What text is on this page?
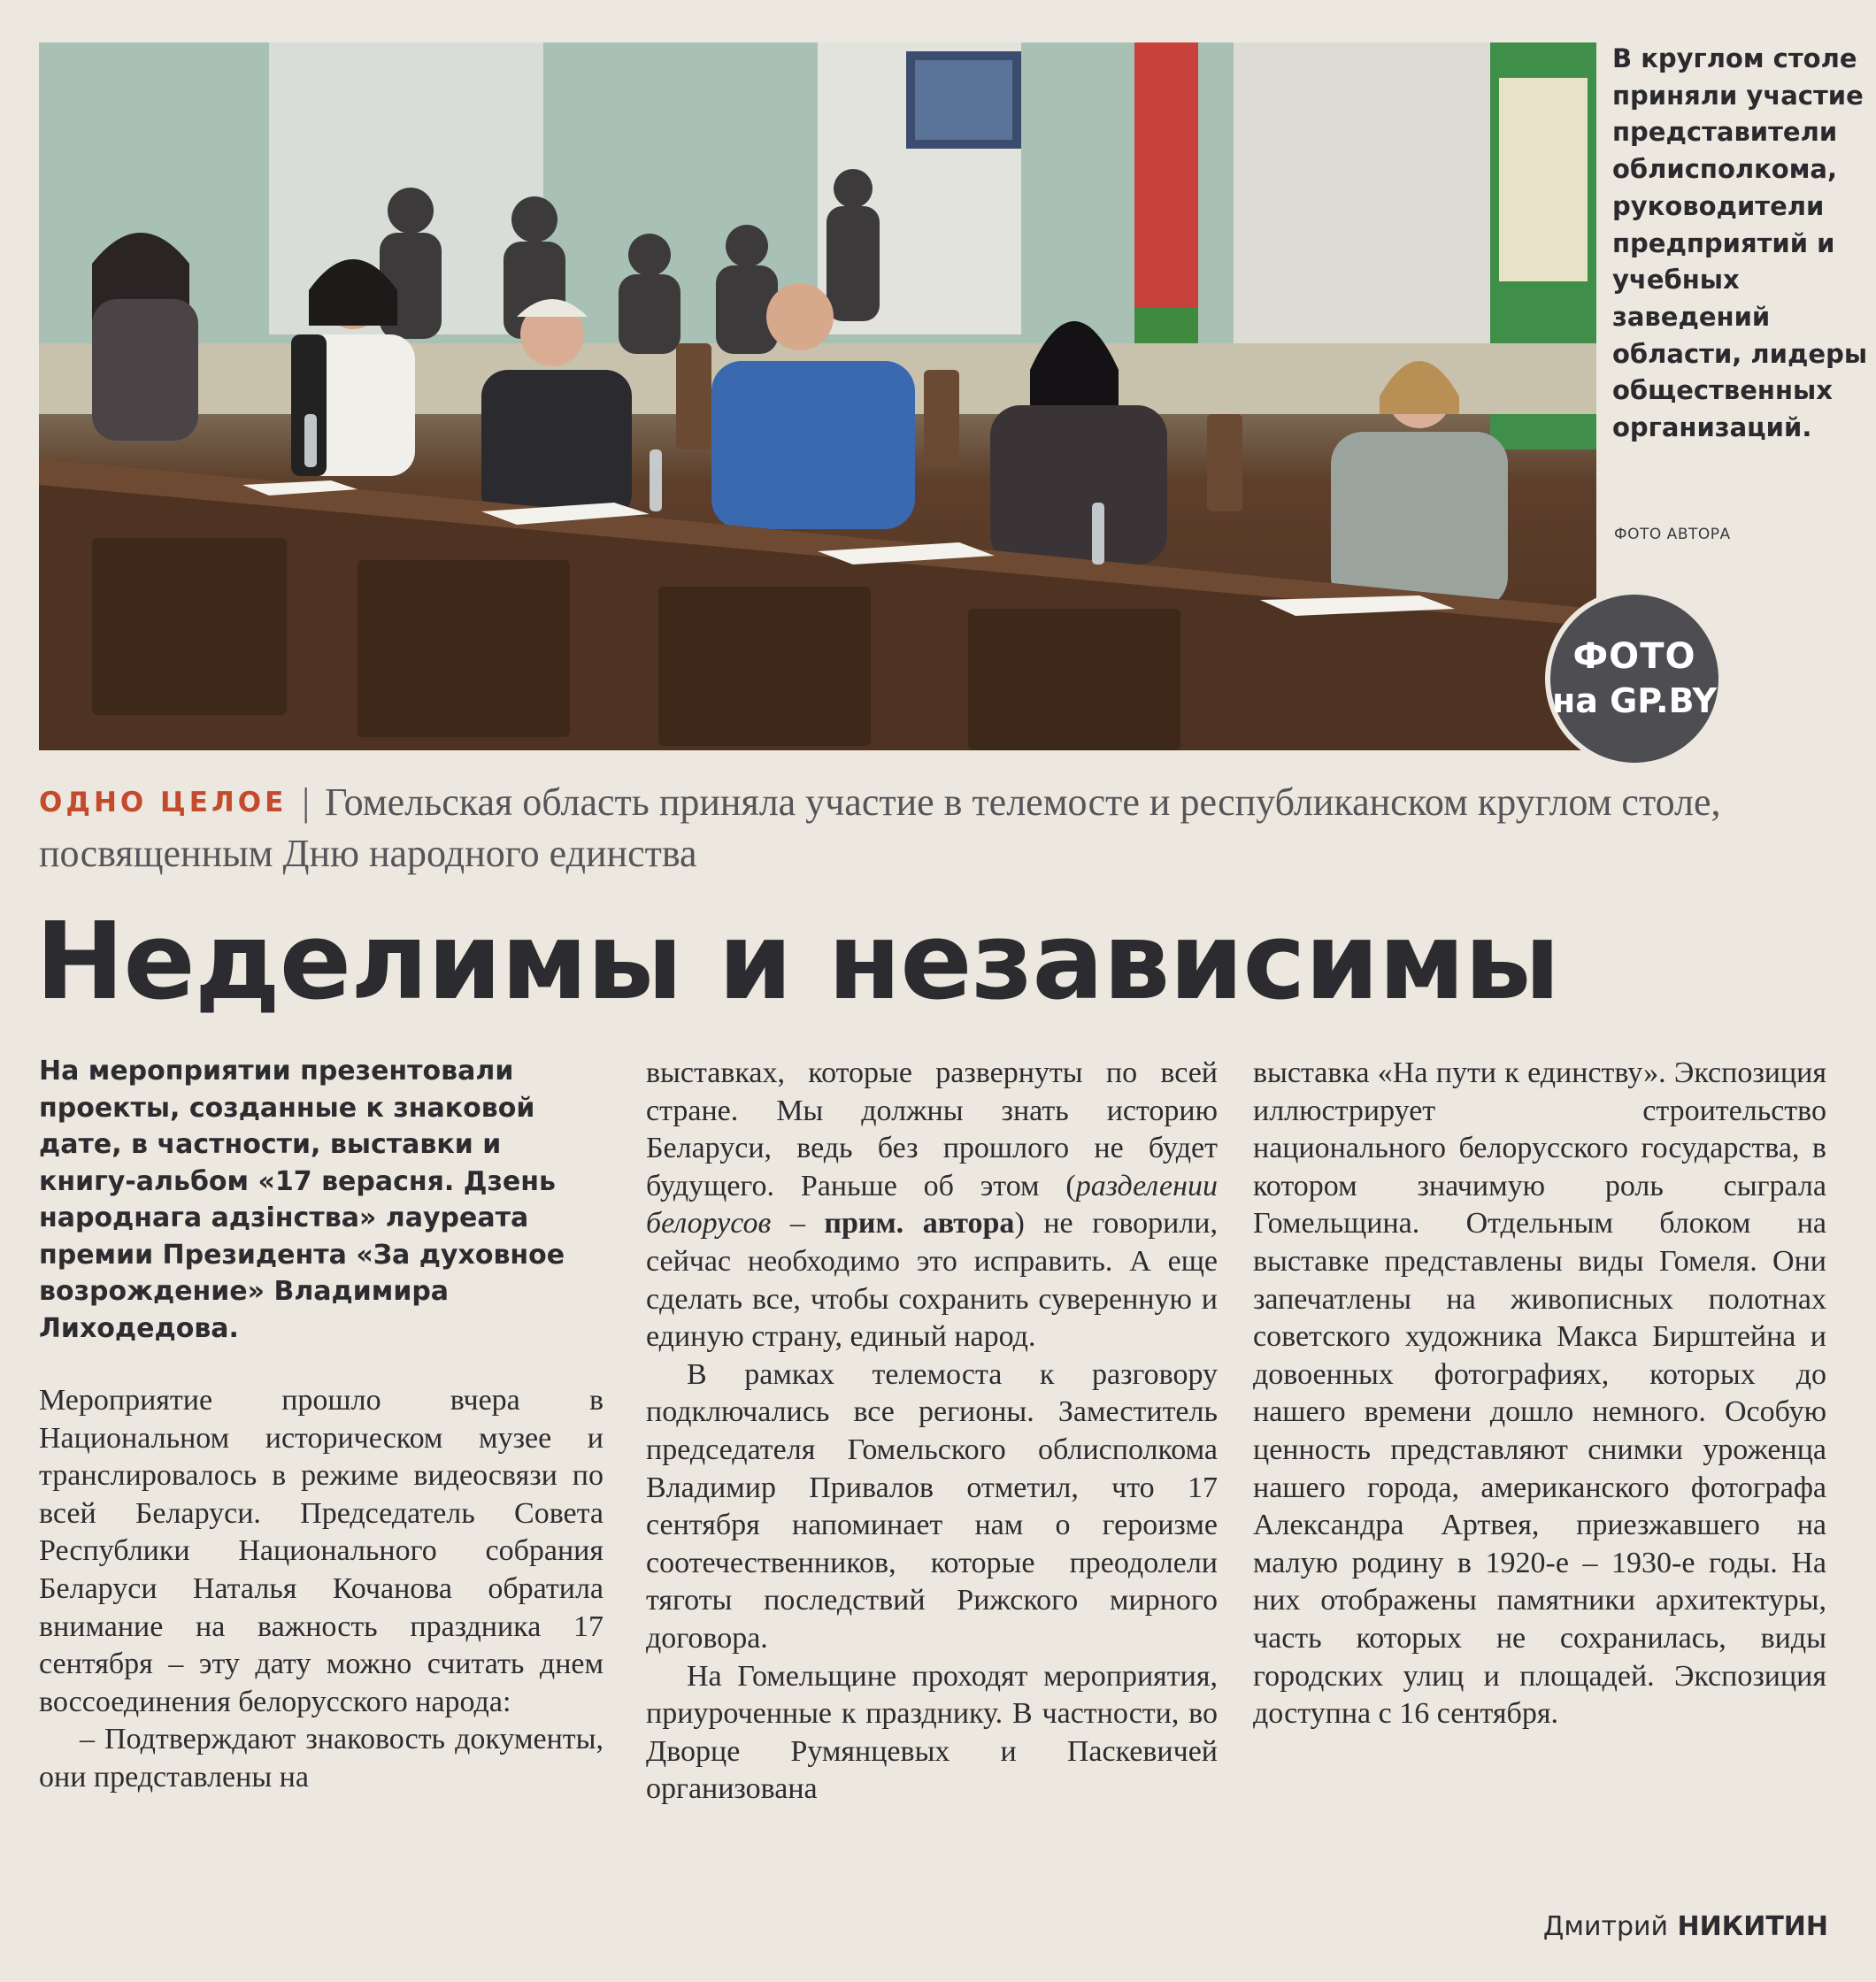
ФОТО
на GP.BY
В круглом столе приняли участие представители облисполкома, руководители предприятий и учебных заведений области, лидеры общественных организаций.
ФОТО АВТОРА
ОДНО ЦЕЛОЕ | Гомельская область приняла участие в телемосте и республиканском круглом столе, посвященным Дню народного единства
Неделимы и независимы

На мероприятии презентовали проекты, созданные к знаковой дате, в частности, выставки и книгу-альбом «17 верасня. Дзень народнага адзінства» лауреата премии Президента «За духовное возрождение» Владимира Лиходедова.

Мероприятие прошло вчера в Национальном историческом музее и транслировалось в режиме видеосвязи по всей Беларуси. Председатель Совета Республики Национального собрания Беларуси Наталья Кочанова обратила внимание на важность праздника 17 сентября – эту дату можно считать днем воссоединения белорусского народа:

– Подтверждают знаковость документы, они представлены на

выставках, которые развернуты по всей стране. Мы должны знать историю Беларуси, ведь без прошлого не будет будущего. Раньше об этом (разделении белорусов – прим. автора) не говорили, сейчас необходимо это исправить. А еще сделать все, чтобы сохранить суверенную и единую страну, единый народ.

В рамках телемоста к разговору подключались все регионы. Заместитель председателя Гомельского облисполкома Владимир Привалов отметил, что 17 сентября напоминает нам о героизме соотечественников, которые преодолели тяготы последствий Рижского мирного договора.

На Гомельщине проходят мероприятия, приуроченные к празднику. В частности, во Дворце Румянцевых и Паскевичей организована

выставка «На пути к единству». Экспозиция иллюстрирует строительство национального белорусского государства, в котором значимую роль сыграла Гомельщина. Отдельным блоком на выставке представлены виды Гомеля. Они запечатлены на живописных полотнах советского художника Макса Бирштейна и довоенных фотографиях, которых до нашего времени дошло немного. Особую ценность представляют снимки уроженца нашего города, американского фотографа Александра Артвея, приезжавшего на малую родину в 1920-е – 1930-е годы. На них отображены памятники архитектуры, часть которых не сохранилась, виды городских улиц и площадей. Экспозиция доступна с 16 сентября.

Дмитрий НИКИТИН
